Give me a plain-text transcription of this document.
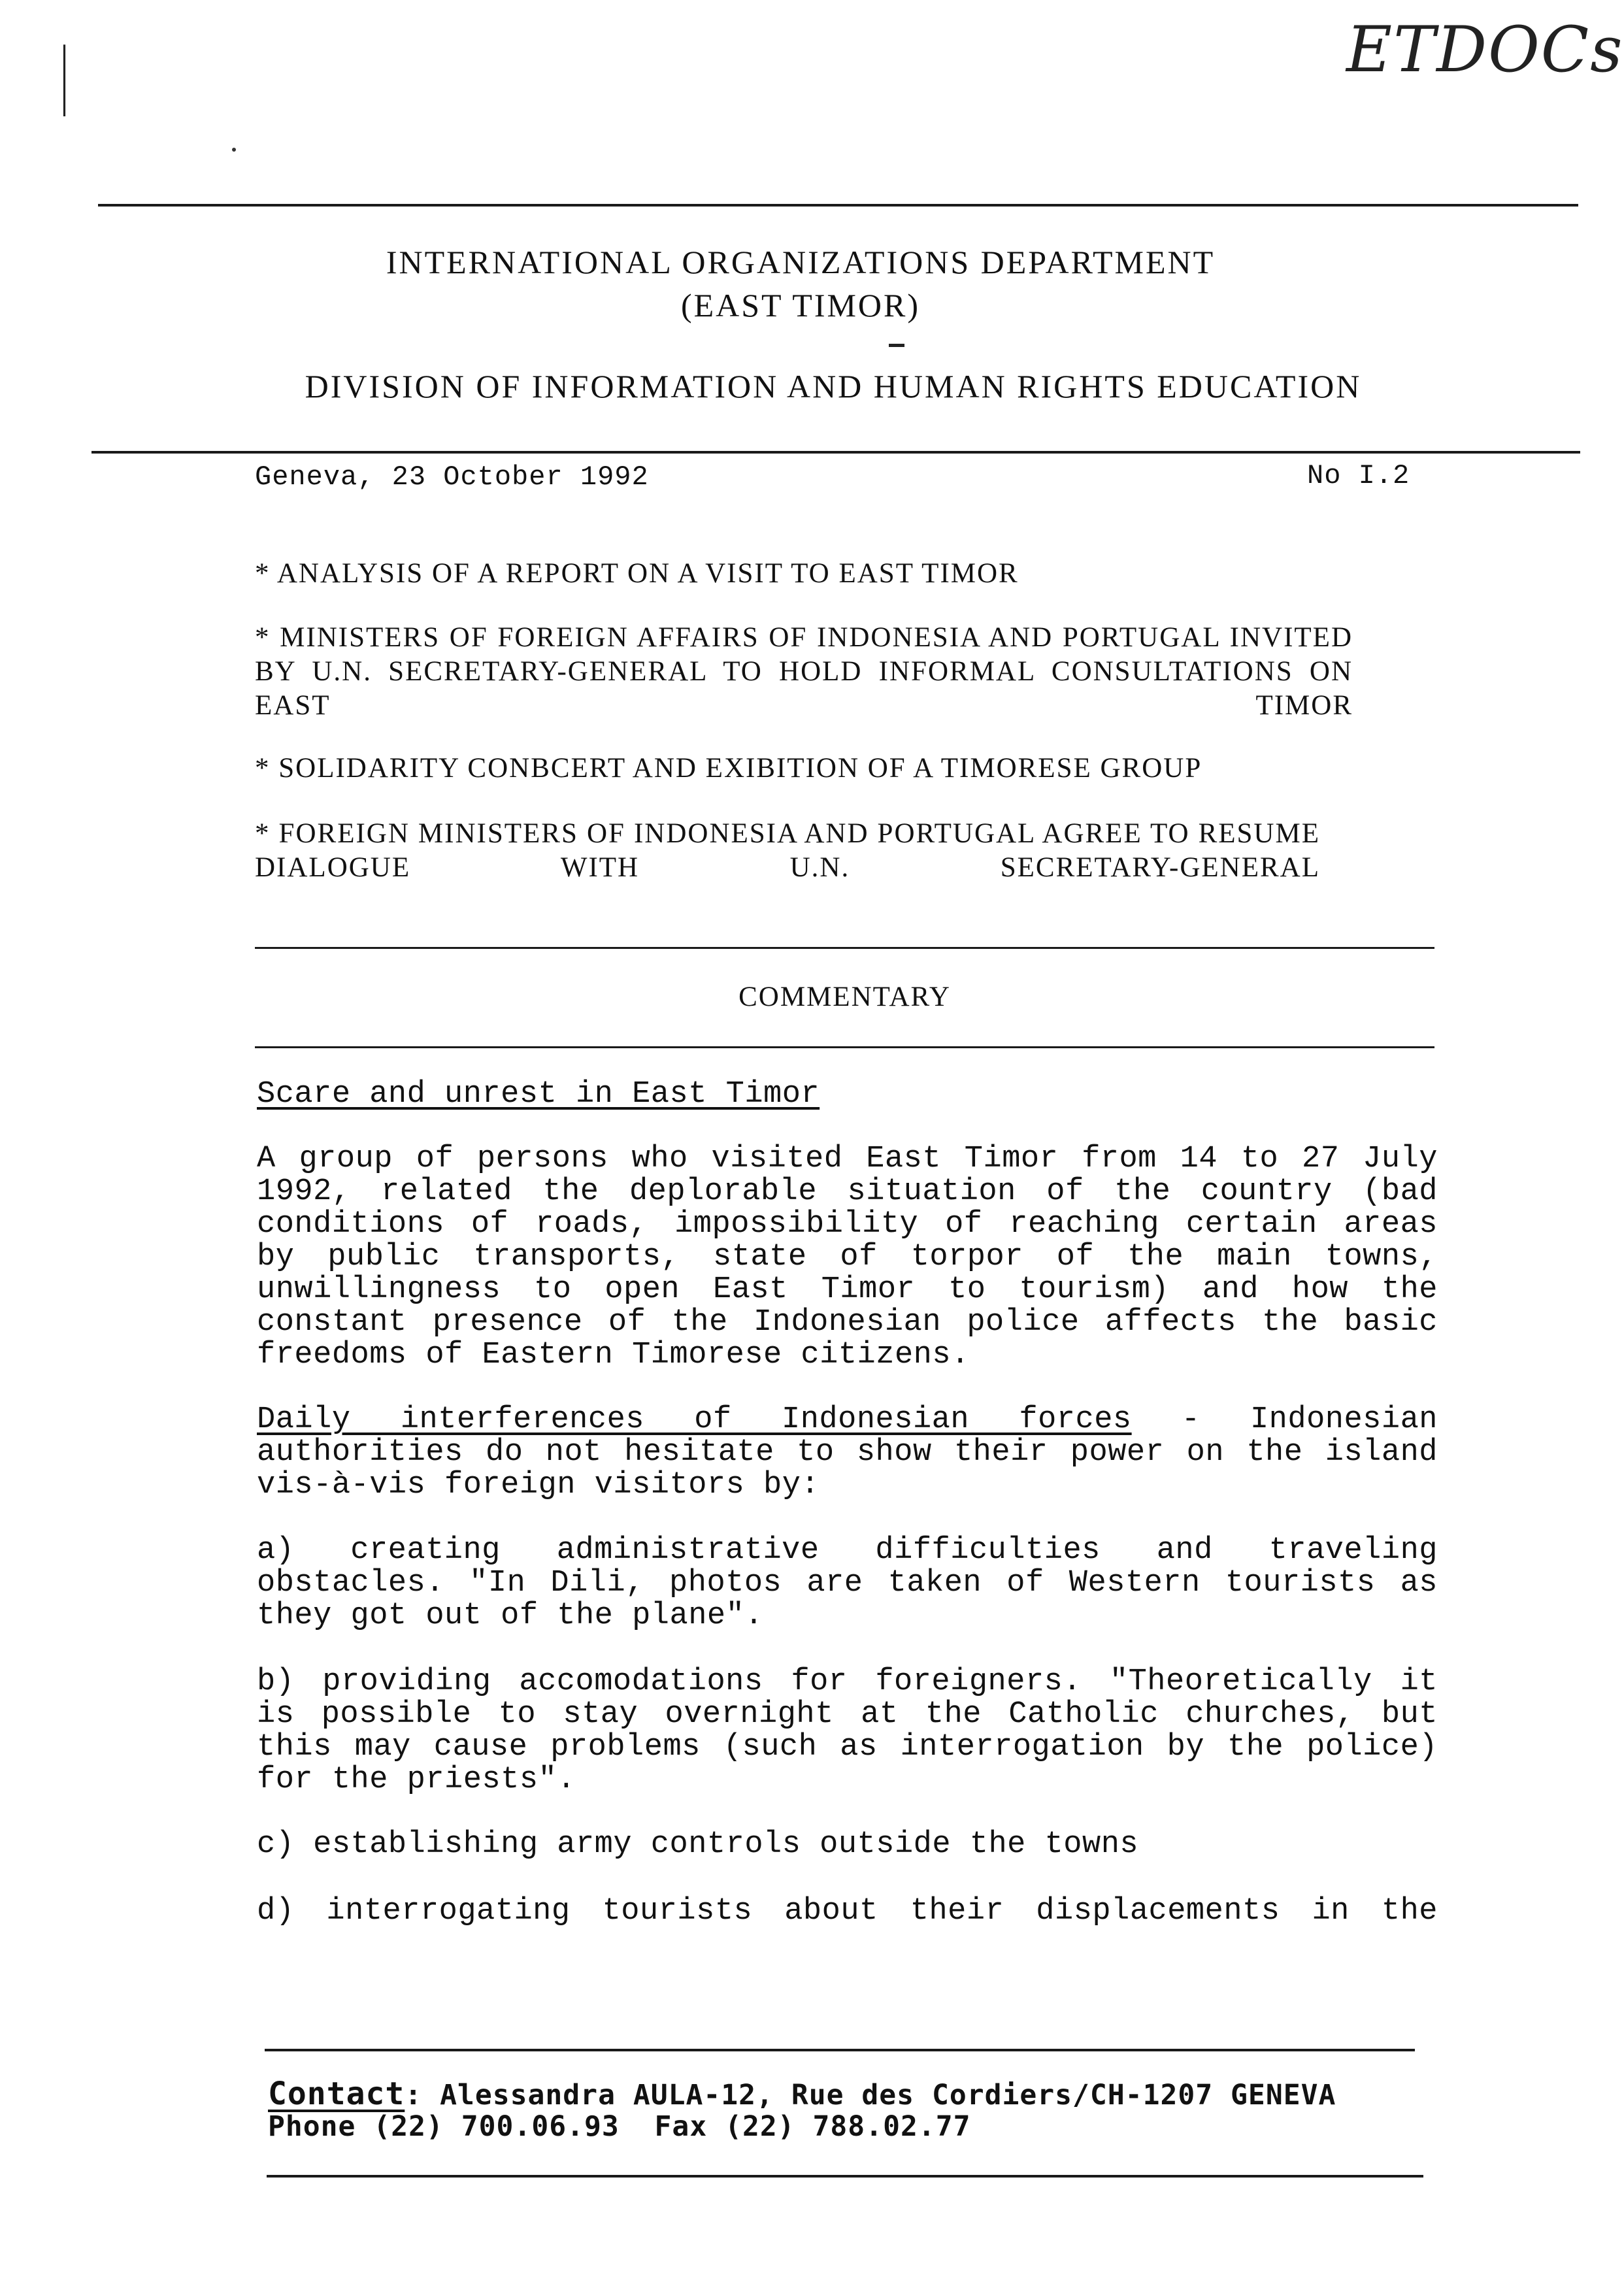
|	ETDOCs
INTERNATIONAL ORGANIZATIONS DEPARTMENT
(EAST TIMOR)
DIVISION OF INFORMATION AND HUMAN RIGHTS EDUCATION
Geneva, 23 October 1992	No I.2
* ANALYSIS OF A REPORT ON A VISIT TO EAST TIMOR
* MINISTERS OF FOREIGN AFFAIRS OF INDONESIA AND PORTUGAL INVITED BY U.N. SECRETARY-GENERAL TO HOLD INFORMAL CONSULTATIONS ON EAST TIMOR
* SOLIDARITY CONBCERT AND EXIBITION OF A TIMORESE GROUP
* FOREIGN MINISTERS OF INDONESIA AND PORTUGAL AGREE TO RESUME DIALOGUE WITH U.N. SECRETARY-GENERAL
COMMENTARY
Scare and unrest in East Timor
A group of persons who visited East Timor from 14 to 27 July 1992, related the deplorable situation of the country (bad conditions of roads, impossibility of reaching certain areas by public transports, state of torpor of the main towns, unwillingness to open East Timor to tourism) and how the constant presence of the Indonesian police affects the basic freedoms of Eastern Timorese citizens.
Daily interferences of Indonesian forces - Indonesian authorities do not hesitate to show their power on the island vis-à-vis foreign visitors by:
a) creating administrative difficulties and traveling obstacles. "In Dili, photos are taken of Western tourists as they got out of the plane".
b) providing accomodations for foreigners. "Theoretically it is possible to stay overnight at the Catholic churches, but this may cause problems (such as interrogation by the police) for the priests".
c) establishing army controls outside the towns
d) interrogating tourists about their displacements in the
Contact: Alessandra AULA-12, Rue des Cordiers/CH-1207 GENEVA
Phone (22) 700.06.93  Fax (22) 788.02.77
